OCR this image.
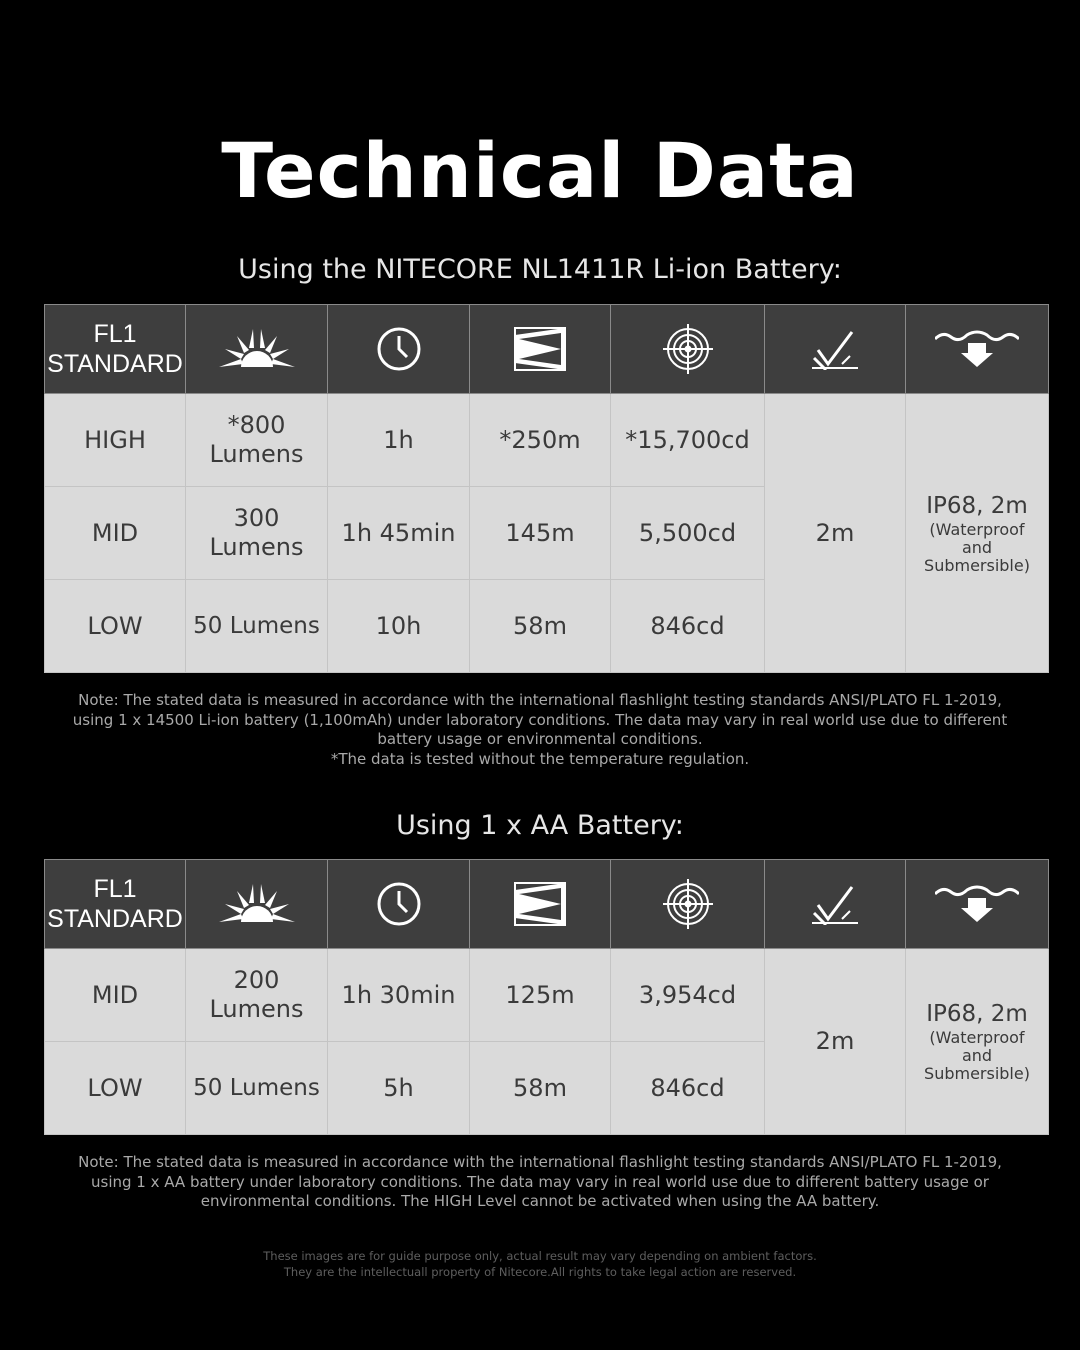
Technical Data
Using the NITECORE NL1411R Li-ion Battery:
FL1
STANDARD

HIGH	*800 Lumens	1h	*250m	*15,700cd	2m	IP68, 2m
(Waterproof and Submersible)

MID	300 Lumens	1h 45min	145m	5,500cd		
LOW	50 Lumens	10h	58m	846cd		
Note: The stated data is measured in accordance with the international flashlight testing standards ANSI/PLATO FL 1-2019, using 1 x 14500 Li-ion battery (1,100mAh) under laboratory conditions. The data may vary in real world use due to different battery usage or environmental conditions.
*The data is tested without the temperature regulation.
Using 1 x AA Battery:
FL1
STANDARD

MID	200 Lumens	1h 30min	125m	3,954cd	2m	IP68, 2m
(Waterproof and Submersible)

LOW	50 Lumens	5h	58m	846cd		
Note: The stated data is measured in accordance with the international flashlight testing standards ANSI/PLATO FL 1-2019, using 1 x AA battery under laboratory conditions. The data may vary in real world use due to different battery usage or environmental conditions. The HIGH Level cannot be activated when using the AA battery.
These images are for guide purpose only, actual result may vary depending on ambient factors.
They are the intellectuall property of Nitecore.All rights to take legal action are reserved.
